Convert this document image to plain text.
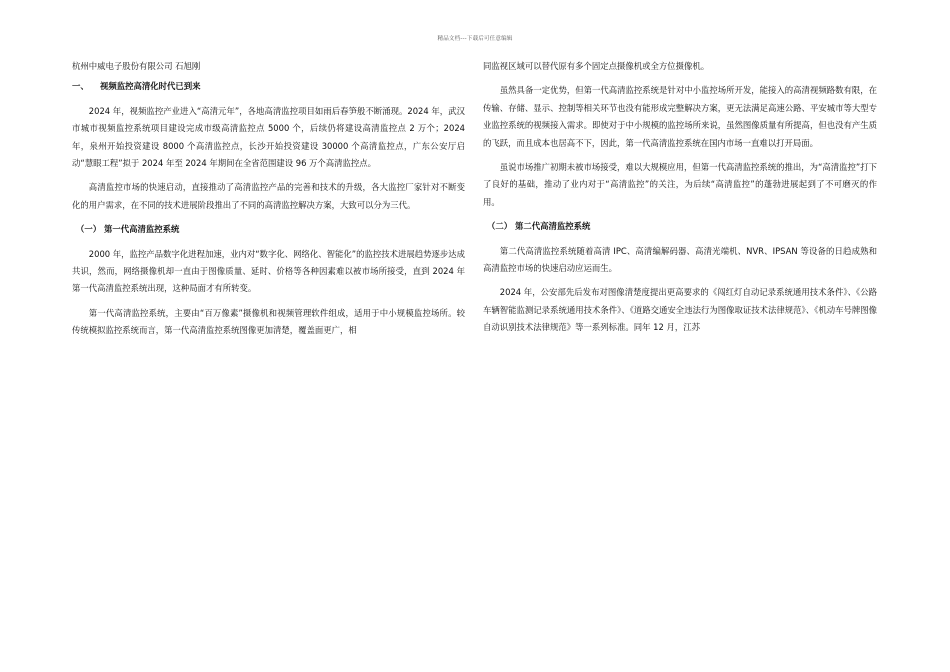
精品文档---下载后可任意编辑

杭州中威电子股份有限公司 石旭刚

一、 视频监控高清化时代已到来

2024 年，视频监控产业进入“高清元年”，各地高清监控项目如雨后春笋般不断涌现。2024 年，武汉市城市视频监控系统项目建设完成市级高清监控点 5000 个，后续仍将建设高清监控点 2 万个；2024 年，泉州开始投资建设 8000 个高清监控点，长沙开始投资建设 30000 个高清监控点，广东公安厅启动“慧眼工程”拟于 2024 年至 2024 年期间在全省范围建设 96 万个高清监控点。

高清监控市场的快速启动，直接推动了高清监控产品的完善和技术的升级，各大监控厂家针对不断变化的用户需求，在不同的技术进展阶段推出了不同的高清监控解决方案，大致可以分为三代。

（一） 第一代高清监控系统

2000 年，监控产品数字化进程加速，业内对“数字化、网络化、智能化”的监控技术进展趋势逐步达成共识，然而，网络摄像机却一直由于图像质量、延时、价格等各种因素难以被市场所接受，直到 2024 年第一代高清监控系统出现，这种局面才有所转变。

第一代高清监控系统，主要由“百万像素”摄像机和视频管理软件组成，适用于中小规模监控场所。较传统模拟监控系统而言，第一代高清监控系统图像更加清楚，覆盖面更广，相

同监视区域可以替代原有多个固定点摄像机或全方位摄像机。

虽然具备一定优势，但第一代高清监控系统是针对中小监控场所开发，能接入的高清视频路数有限，在传输、存储、显示、控制等相关环节也没有能形成完整解决方案，更无法满足高速公路、平安城市等大型专业监控系统的视频接入需求。即使对于中小规模的监控场所来说，虽然图像质量有所提高，但也没有产生质的飞跃，而且成本也居高不下，因此，第一代高清监控系统在国内市场一直难以打开局面。

虽说市场推广初期未被市场接受，难以大规模应用，但第一代高清监控系统的推出，为“高清监控”打下了良好的基础，推动了业内对于“高清监控”的关注，为后续“高清监控”的蓬勃进展起到了不可磨灭的作用。

（二） 第二代高清监控系统

第二代高清监控系统随着高清 IPC、高清编解码器、高清光端机、NVR、IPSAN 等设备的日趋成熟和高清监控市场的快速启动应运而生。

2024 年，公安部先后发布对图像清楚度提出更高要求的《闯红灯自动记录系统通用技术条件》、《公路车辆智能监测记录系统通用技术条件》、《道路交通安全违法行为图像取证技术法律规范》、《机动车号牌图像自动识别技术法律规范》等一系列标准。同年 12 月，江苏
